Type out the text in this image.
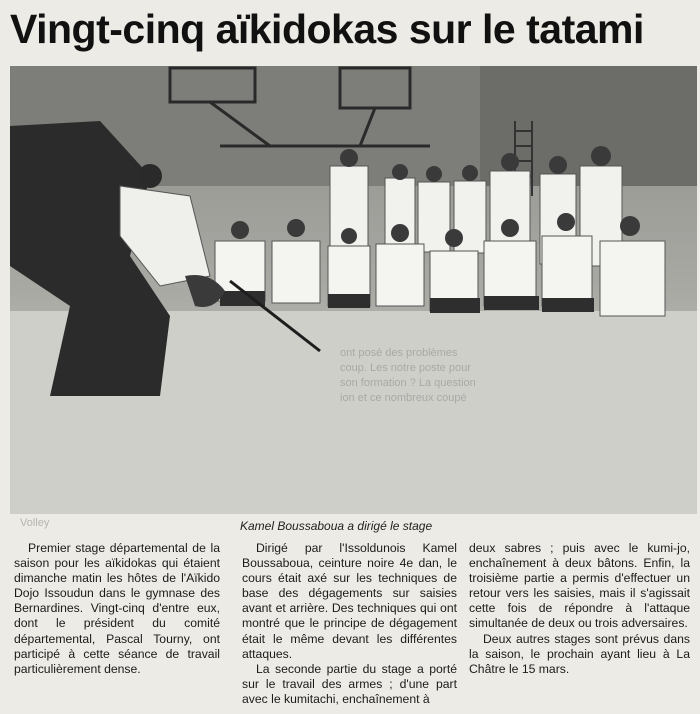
Vingt-cinq aïkidokas sur le tatami
ont posé des problèmes
coup. Les notre poste pour
son formation ? La question
ion et ce nombreux coupé
Volley	Kamel Boussaboua a dirigé le stage

Premier stage départemental de la saison pour les aïkidokas qui étaient dimanche matin les hôtes de l'Aïkido Dojo Issoudun dans le gymnase des Bernardines. Vingt-cinq d'entre eux, dont le président du comité départemental, Pascal Tourny, ont participé à cette séance de travail particulièrement dense.

Dirigé par l'Issoldunois Kamel Boussaboua, ceinture noire 4e dan, le cours était axé sur les techniques de base des dégagements sur saisies avant et arrière. Des techniques qui ont montré que le principe de dégagement était le même devant les différentes attaques.

La seconde partie du stage a porté sur le travail des armes ; d'une part avec le kumitachi, enchaînement à

deux sabres ; puis avec le kumi-jo, enchaînement à deux bâtons. Enfin, la troisième partie a permis d'effectuer un retour vers les saisies, mais il s'agissait cette fois de répondre à l'attaque simultanée de deux ou trois adversaires.

Deux autres stages sont prévus dans la saison, le prochain ayant lieu à La Châtre le 15 mars.
